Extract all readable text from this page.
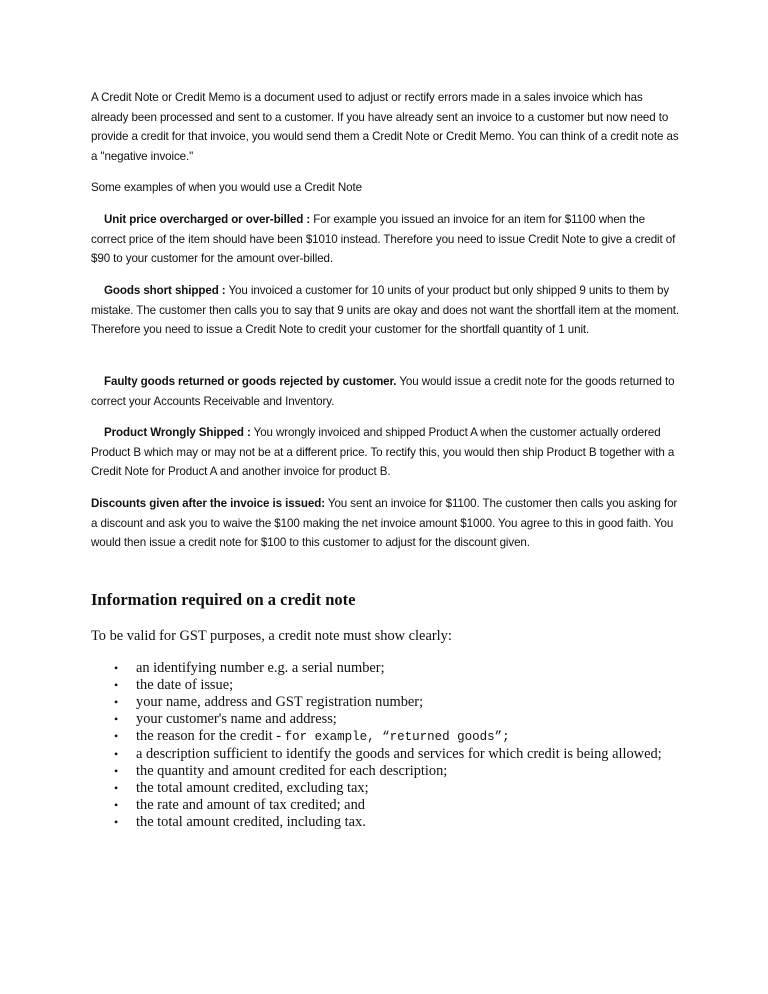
A Credit Note or Credit Memo is a document used to adjust or rectify errors made in a sales invoice which has already been processed and sent to a customer. If you have already sent an invoice to a customer but now need to provide a credit for that invoice, you would send them a Credit Note or Credit Memo. You can think of a credit note as a "negative invoice."

Some examples of when you would use a Credit Note

Unit price overcharged or over-billed : For example you issued an invoice for an item for $1100 when the correct price of the item should have been $1010 instead. Therefore you need to issue Credit Note to give a credit of $90 to your customer for the amount over-billed.

Goods short shipped : You invoiced a customer for 10 units of your product but only shipped 9 units to them by mistake. The customer then calls you to say that 9 units are okay and does not want the shortfall item at the moment. Therefore you need to issue a Credit Note to credit your customer for the shortfall quantity of 1 unit.

Faulty goods returned or goods rejected by customer. You would issue a credit note for the goods returned to correct your Accounts Receivable and Inventory.

Product Wrongly Shipped : You wrongly invoiced and shipped Product A when the customer actually ordered Product B which may or may not be at a different price. To rectify this, you would then ship Product B together with a Credit Note for Product A and another invoice for product B.

Discounts given after the invoice is issued: You sent an invoice for $1100. The customer then calls you asking for a discount and ask you to waive the $100 making the net invoice amount $1000. You agree to this in good faith. You would then issue a credit note for $100 to this customer to adjust for the discount given.

Information required on a credit note

To be valid for GST purposes, a credit note must show clearly:

• an identifying number e.g. a serial number;
• the date of issue;
• your name, address and GST registration number;
• your customer's name and address;
• the reason for the credit - for example, “returned goods”;
• a description sufficient to identify the goods and services for which credit is being allowed;
• the quantity and amount credited for each description;
• the total amount credited, excluding tax;
• the rate and amount of tax credited; and
• the total amount credited, including tax.
